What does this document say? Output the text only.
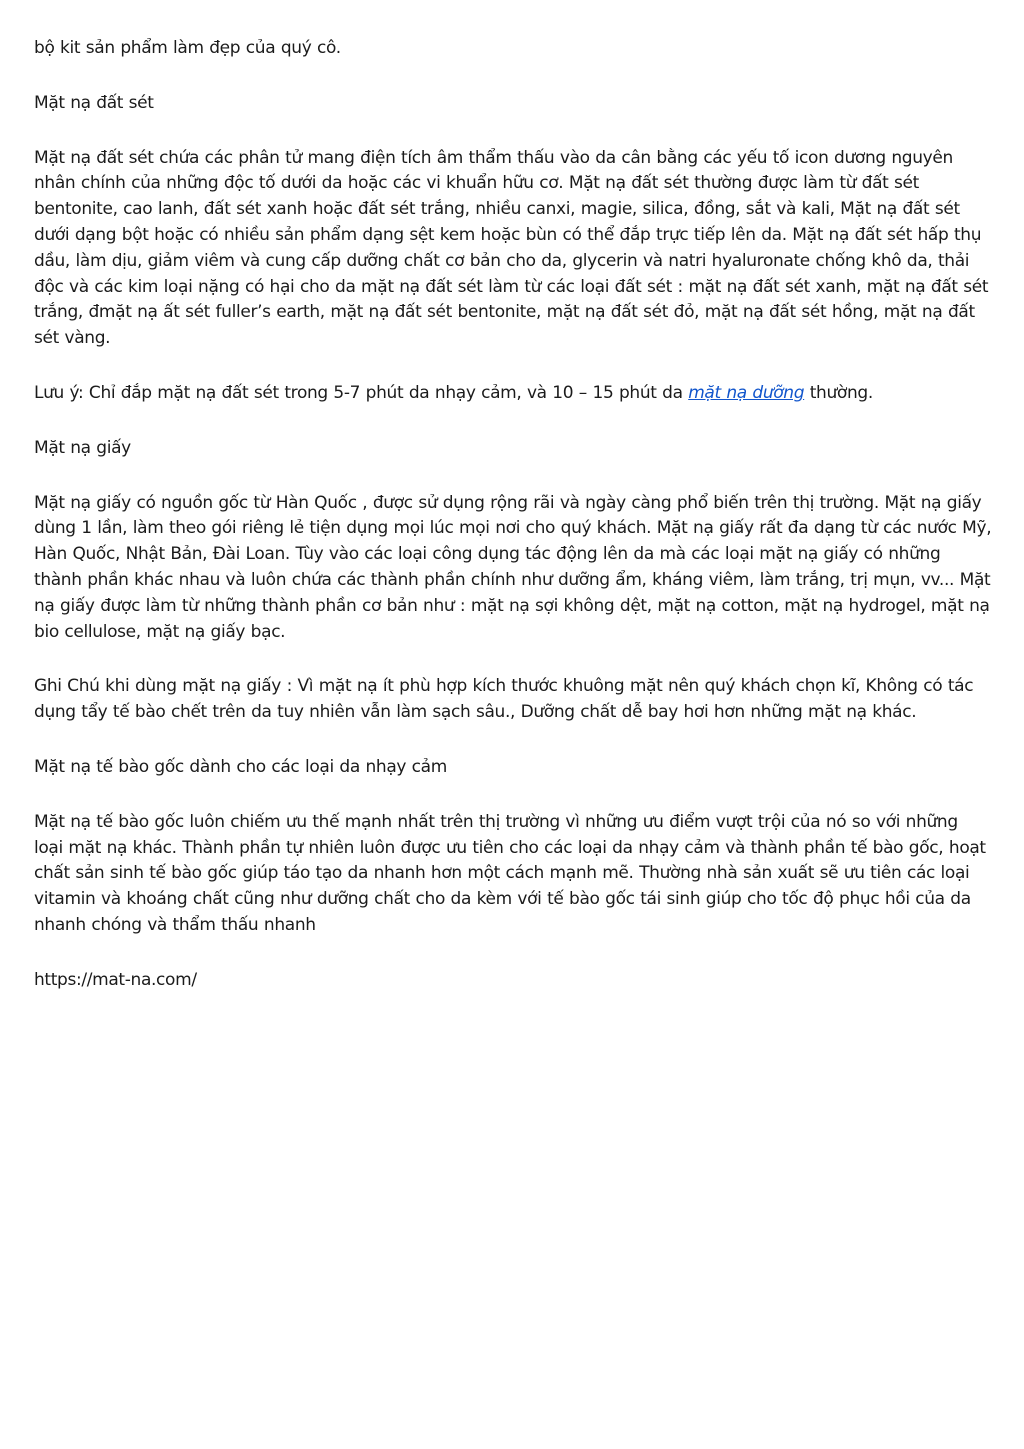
bộ kit sản phẩm làm đẹp của quý cô.

Mặt nạ đất sét

Mặt nạ đất sét chứa các phân tử mang điện tích âm thẩm thấu vào da cân bằng các yếu tố icon dương nguyên nhân chính của những độc tố dưới da hoặc các vi khuẩn hữu cơ. Mặt nạ đất sét thường được làm từ đất sét bentonite, cao lanh, đất sét xanh hoặc đất sét trắng, nhiều canxi, magie, silica, đồng, sắt và kali, Mặt nạ đất sét dưới dạng bột hoặc có nhiều sản phẩm dạng sệt kem hoặc bùn có thể đắp trực tiếp lên da. Mặt nạ đất sét hấp thụ dầu, làm dịu, giảm viêm và cung cấp dưỡng chất cơ bản cho da, glycerin và natri hyaluronate chống khô da, thải độc và các kim loại nặng có hại cho da mặt nạ đất sét làm từ các loại đất sét : mặt nạ đất sét xanh, mặt nạ đất sét trắng, đmặt nạ ất sét fuller’s earth, mặt nạ đất sét bentonite, mặt nạ đất sét đỏ, mặt nạ đất sét hồng, mặt nạ đất sét vàng.

Lưu ý: Chỉ đắp mặt nạ đất sét trong 5-7 phút da nhạy cảm, và 10 – 15 phút da mặt nạ dưỡng thường.

Mặt nạ giấy

Mặt nạ giấy có nguồn gốc từ Hàn Quốc , được sử dụng rộng rãi và ngày càng phổ biến trên thị trường. Mặt nạ giấy dùng 1 lần, làm theo gói riêng lẻ tiện dụng mọi lúc mọi nơi cho quý khách. Mặt nạ giấy rất đa dạng từ các nước Mỹ, Hàn Quốc, Nhật Bản, Đài Loan. Tùy vào các loại công dụng tác động lên da mà các loại mặt nạ giấy có những thành phần khác nhau và luôn chứa các thành phần chính như dưỡng ẩm, kháng viêm, làm trắng, trị mụn, vv... Mặt nạ giấy được làm từ những thành phần cơ bản như : mặt nạ sợi không dệt, mặt nạ cotton, mặt nạ hydrogel, mặt nạ bio cellulose, mặt nạ giấy bạc.

Ghi Chú khi dùng mặt nạ giấy : Vì mặt nạ ít phù hợp kích thước khuông mặt nên quý khách chọn kĩ, Không có tác dụng tẩy tế bào chết trên da tuy nhiên vẫn làm sạch sâu., Dưỡng chất dễ bay hơi hơn những mặt nạ khác.

Mặt nạ tế bào gốc dành cho các loại da nhạy cảm

Mặt nạ tế bào gốc luôn chiếm ưu thế mạnh nhất trên thị trường vì những ưu điểm vượt trội của nó so với những loại mặt nạ khác. Thành phần tự nhiên luôn được ưu tiên cho các loại da nhạy cảm và thành phần tế bào gốc, hoạt chất sản sinh tế bào gốc giúp táo tạo da nhanh hơn một cách mạnh mẽ. Thường nhà sản xuất sẽ ưu tiên các loại vitamin và khoáng chất cũng như dưỡng chất cho da kèm với tế bào gốc tái sinh giúp cho tốc độ phục hồi của da nhanh chóng và thẩm thấu nhanh

https://mat-na.com/
